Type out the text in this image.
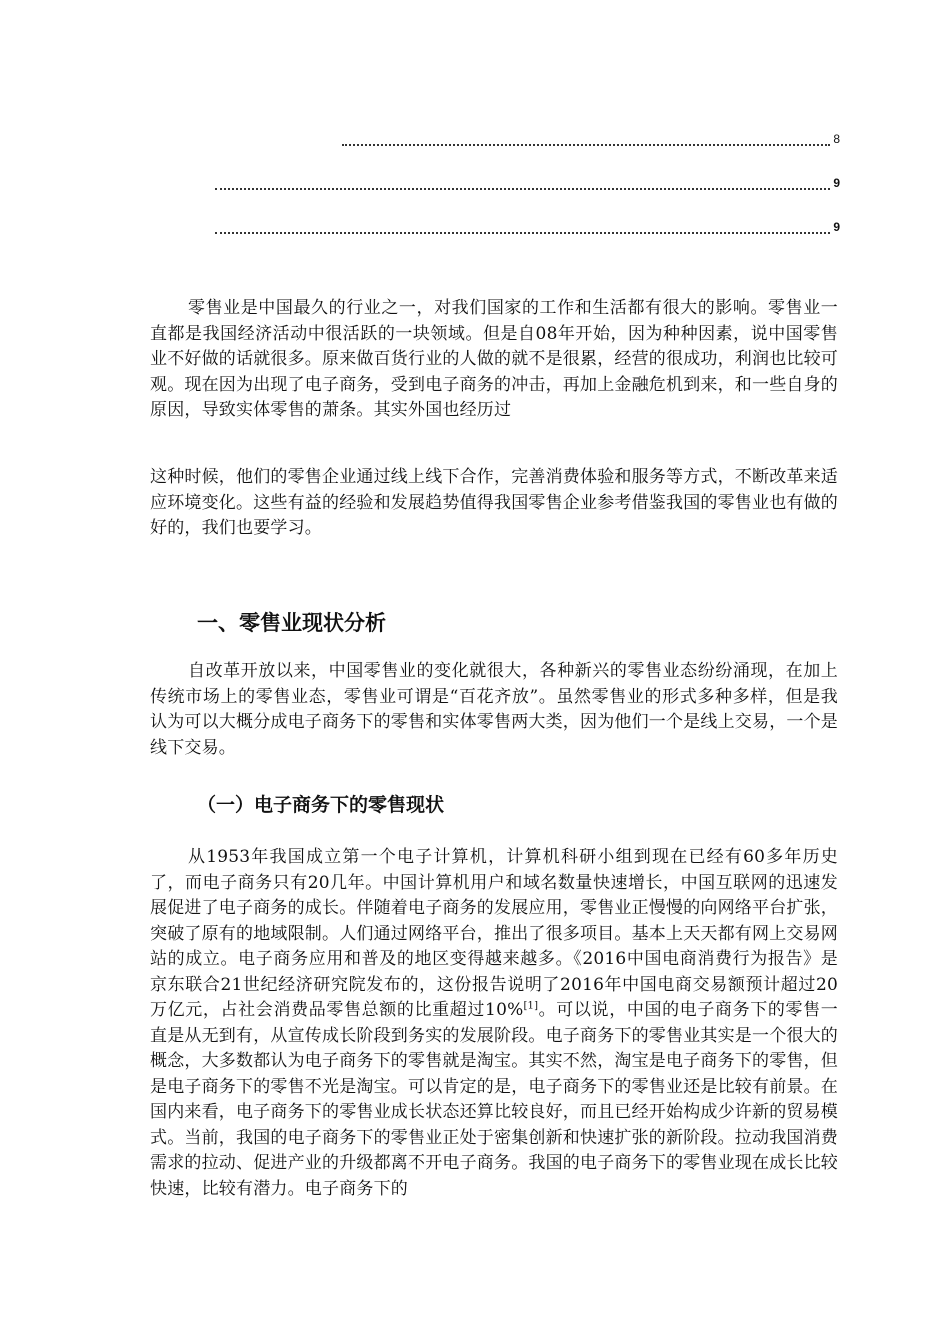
8
9
9

零售业是中国最久的行业之一，对我们国家的工作和生活都有很大的影响。零售业一直都是我国经济活动中很活跃的一块领域。但是自08年开始，因为种种因素，说中国零售业不好做的话就很多。原来做百货行业的人做的就不是很累，经营的很成功，利润也比较可观。现在因为出现了电子商务，受到电子商务的冲击，再加上金融危机到来，和一些自身的原因，导致实体零售的萧条。其实外国也经历过

这种时候，他们的零售企业通过线上线下合作，完善消费体验和服务等方式，不断改革来适应环境变化。这些有益的经验和发展趋势值得我国零售企业参考借鉴我国的零售业也有做的好的，我们也要学习。

一、零售业现状分析

自改革开放以来，中国零售业的变化就很大，各种新兴的零售业态纷纷涌现，在加上传统市场上的零售业态，零售业可谓是“百花齐放”。虽然零售业的形式多种多样，但是我认为可以大概分成电子商务下的零售和实体零售两大类，因为他们一个是线上交易，一个是线下交易。

（一）电子商务下的零售现状

从1953年我国成立第一个电子计算机，计算机科研小组到现在已经有60多年历史了，而电子商务只有20几年。中国计算机用户和域名数量快速增长，中国互联网的迅速发展促进了电子商务的成长。伴随着电子商务的发展应用，零售业正慢慢的向网络平台扩张，突破了原有的地域限制。人们通过网络平台，推出了很多项目。基本上天天都有网上交易网站的成立。电子商务应用和普及的地区变得越来越多。《2016中国电商消费行为报告》是京东联合21世纪经济研究院发布的，这份报告说明了2016年中国电商交易额预计超过20万亿元，占社会消费品零售总额的比重超过10%[1]。可以说，中国的电子商务下的零售一直是从无到有，从宣传成长阶段到务实的发展阶段。电子商务下的零售业其实是一个很大的概念，大多数都认为电子商务下的零售就是淘宝。其实不然，淘宝是电子商务下的零售，但是电子商务下的零售不光是淘宝。可以肯定的是，电子商务下的零售业还是比较有前景。在国内来看，电子商务下的零售业成长状态还算比较良好，而且已经开始构成少许新的贸易模式。当前，我国的电子商务下的零售业正处于密集创新和快速扩张的新阶段。拉动我国消费需求的拉动、促进产业的升级都离不开电子商务。我国的电子商务下的零售业现在成长比较快速，比较有潜力。电子商务下的
